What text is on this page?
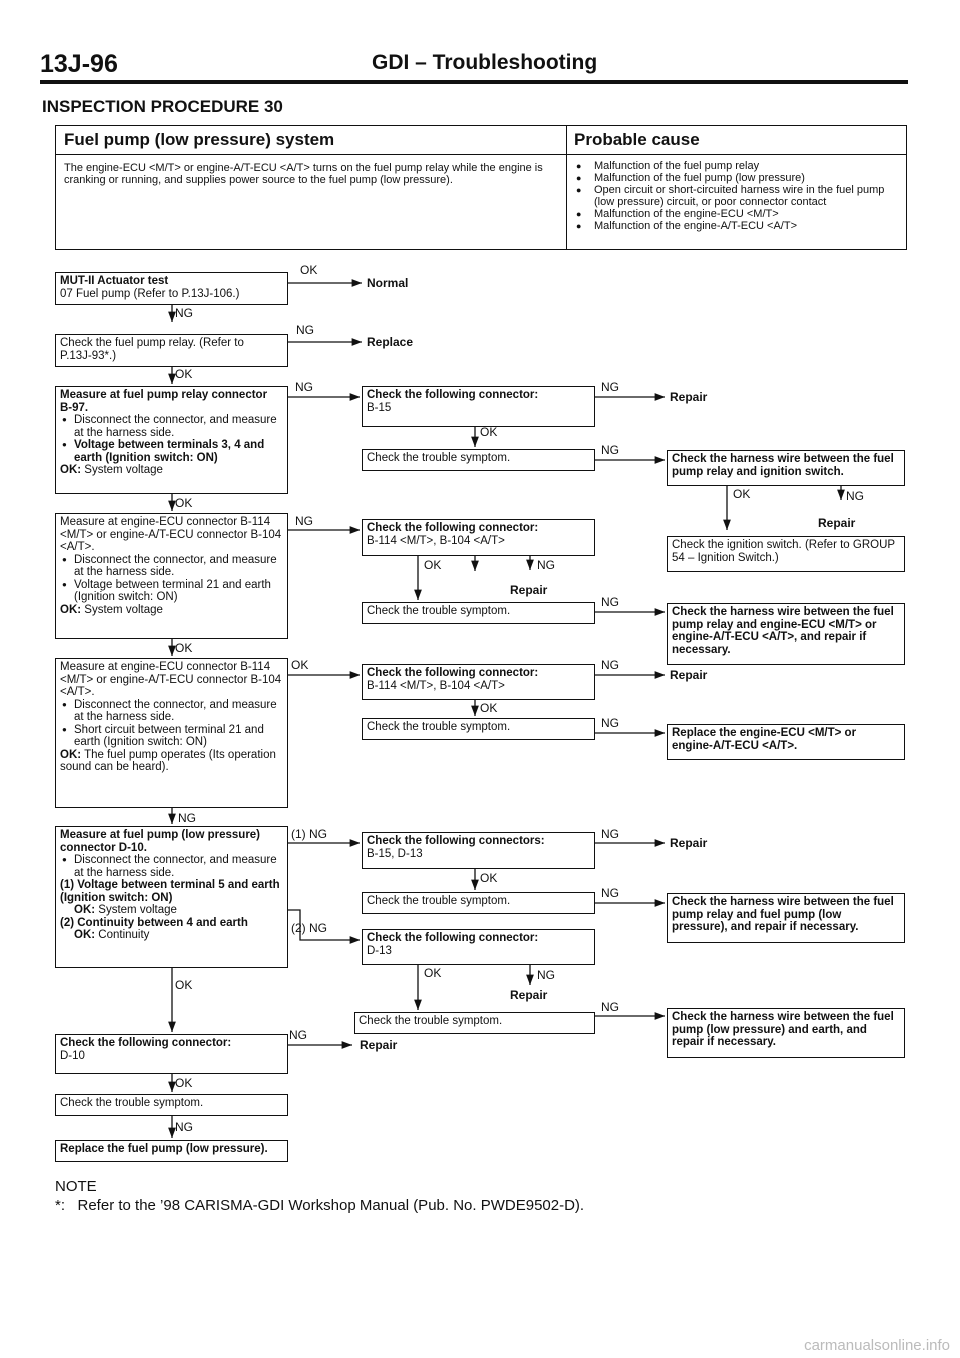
13J-96	GDI – Troubleshooting
INSPECTION PROCEDURE 30
Fuel pump (low pressure) system	Probable cause
The engine-ECU <M/T> or engine-A/T-ECU <A/T> turns on the fuel pump relay while the engine is cranking or running, and supplies power source to the fuel pump (low pressure).
● Malfunction of the fuel pump relay
● Malfunction of the fuel pump (low pressure)
● Open circuit or short-circuited harness wire in the fuel pump (low pressure) circuit, or poor connector contact
● Malfunction of the engine-ECU <M/T>
● Malfunction of the engine-A/T-ECU <A/T>
MUT-II Actuator test
07 Fuel pump (Refer to P.13J-106.)
Check the fuel pump relay. (Refer to
P.13J-93*.)
Measure at fuel pump relay connector
B-97.
● Disconnect the connector, and measure at the harness side.
● Voltage between terminals 3, 4 and earth (Ignition switch: ON)
OK: System voltage
Measure at engine-ECU connector B-114 <M/T> or engine-A/T-ECU connector B-104 <A/T>.
● Disconnect the connector, and measure at the harness side.
● Voltage between terminal 21 and earth (Ignition switch: ON)
OK: System voltage
Measure at engine-ECU connector B-114 <M/T> or engine-A/T-ECU connector B-104 <A/T>.
● Disconnect the connector, and measure at the harness side.
● Short circuit between terminal 21 and earth (Ignition switch: ON)
OK: The fuel pump operates (Its operation sound can be heard).
Measure at fuel pump (low pressure)
connector D-10.
● Disconnect the connector, and measure at the harness side.
(1) Voltage between terminal 5 and earth (Ignition switch: ON)
OK: System voltage
(2) Continuity between 4 and earth
OK: Continuity
Check the following connector:
D-10
Check the trouble symptom.
Replace the fuel pump (low pressure).
Check the following connector:
B-15
Check the trouble symptom.
Check the following connector:
B-114 <M/T>, B-104 <A/T>
Check the trouble symptom.
Check the following connector:
B-114 <M/T>, B-104 <A/T>
Check the trouble symptom.
Check the following connectors:
B-15, D-13
Check the trouble symptom.
Check the following connector:
D-13
Check the trouble symptom.
Check the harness wire between the fuel pump relay and ignition switch.
Check the ignition switch. (Refer to GROUP 54 – Ignition Switch.)
Check the harness wire between the fuel pump relay and engine-ECU <M/T> or engine-A/T-ECU <A/T>, and repair if necessary.
Replace the engine-ECU <M/T> or engine-A/T-ECU <A/T>.
Check the harness wire between the fuel pump relay and fuel pump (low pressure), and repair if necessary.
Check the harness wire between the fuel pump (low pressure) and earth, and repair if necessary.
Normal
Replace
Repair
Repair
Repair
Repair
Repair
Repair
Repair
OK
NG
NG
OK
NG	NG
OK
NG
OK	NG
OK
NG
OK	NG
NG
OK
OK	NG
OK
NG
NG
(1) NG	NG
OK
NG
(2) NG
OK	NG
OK
NG
NG
OK
NG
NOTE
*:   Refer to the ’98 CARISMA-GDI Workshop Manual (Pub. No. PWDE9502-D).
carmanualsonline.info
